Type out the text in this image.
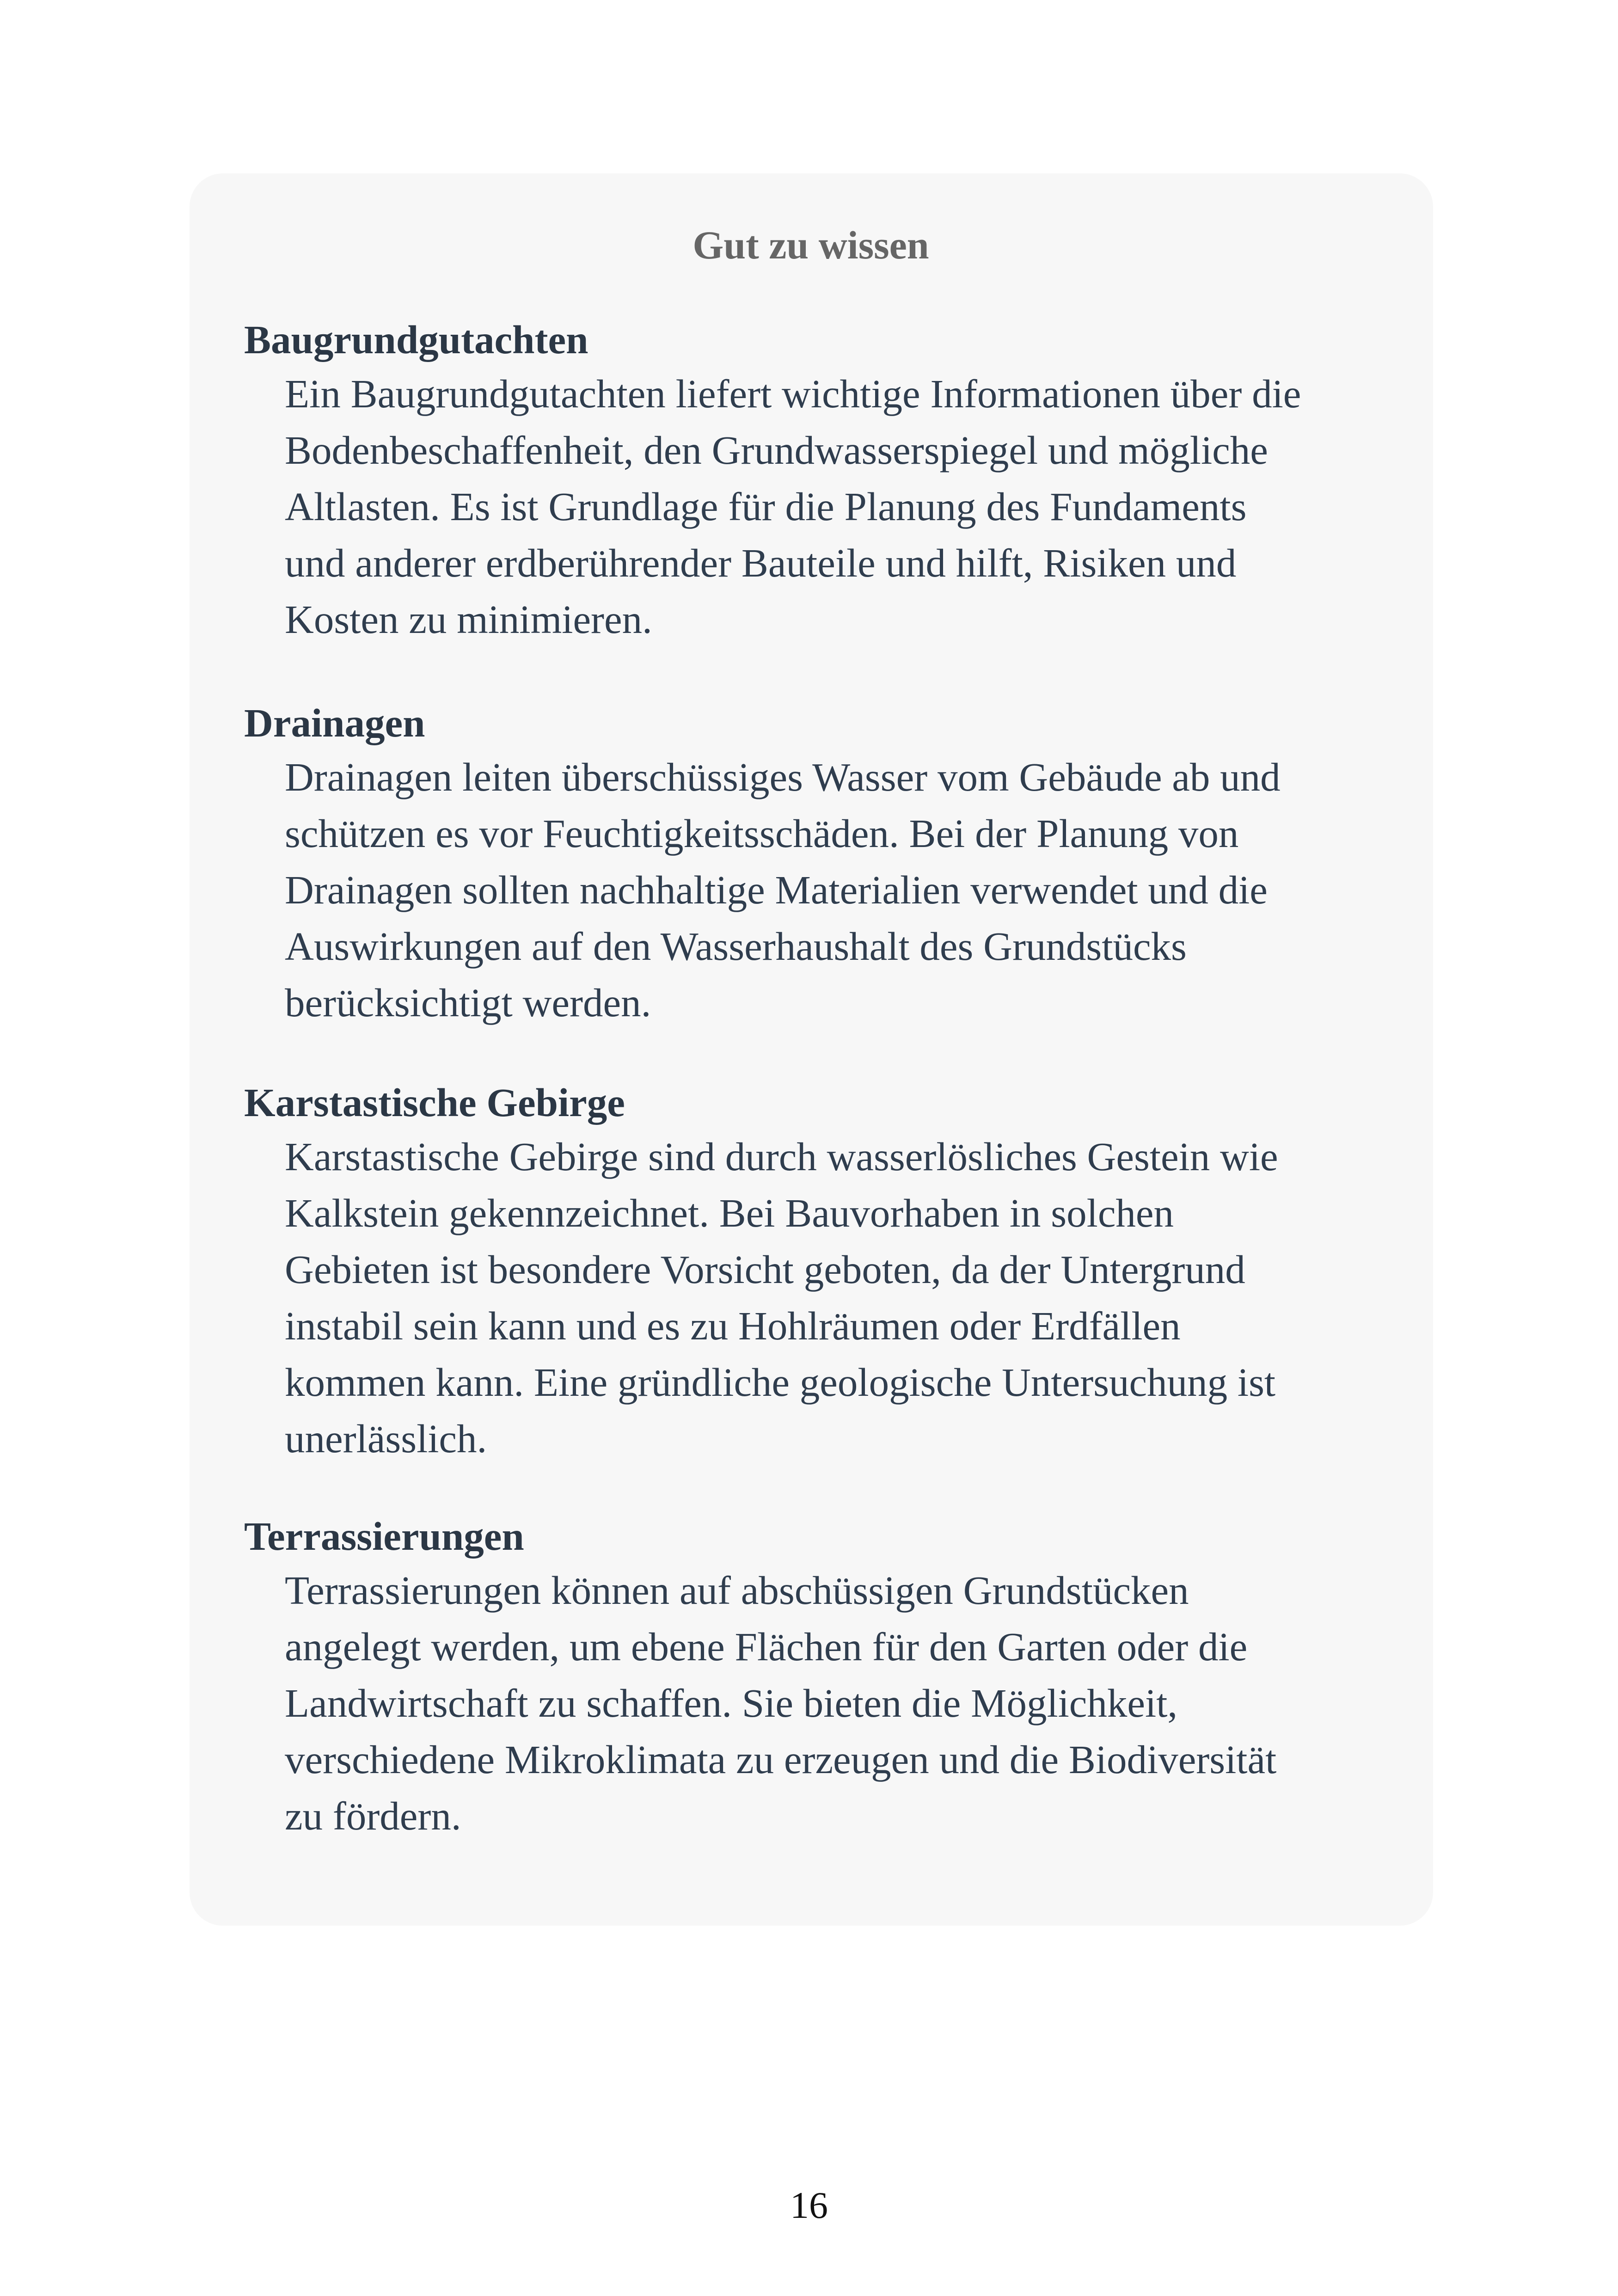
Gut zu wissen

Baugrundgutachten

Ein Baugrundgutachten liefert wichtige Informationen über die
Bodenbeschaffenheit, den Grundwasserspiegel und mögliche
Altlasten. Es ist Grundlage für die Planung des Fundaments
und anderer erdberührender Bauteile und hilft, Risiken und
Kosten zu minimieren.

Drainagen

Drainagen leiten überschüssiges Wasser vom Gebäude ab und
schützen es vor Feuchtigkeitsschäden. Bei der Planung von
Drainagen sollten nachhaltige Materialien verwendet und die
Auswirkungen auf den Wasserhaushalt des Grundstücks
berücksichtigt werden.

Karstastische Gebirge

Karstastische Gebirge sind durch wasserlösliches Gestein wie
Kalkstein gekennzeichnet. Bei Bauvorhaben in solchen
Gebieten ist besondere Vorsicht geboten, da der Untergrund
instabil sein kann und es zu Hohlräumen oder Erdfällen
kommen kann. Eine gründliche geologische Untersuchung ist
unerlässlich.

Terrassierungen

Terrassierungen können auf abschüssigen Grundstücken
angelegt werden, um ebene Flächen für den Garten oder die
Landwirtschaft zu schaffen. Sie bieten die Möglichkeit,
verschiedene Mikroklimata zu erzeugen und die Biodiversität
zu fördern.

16
